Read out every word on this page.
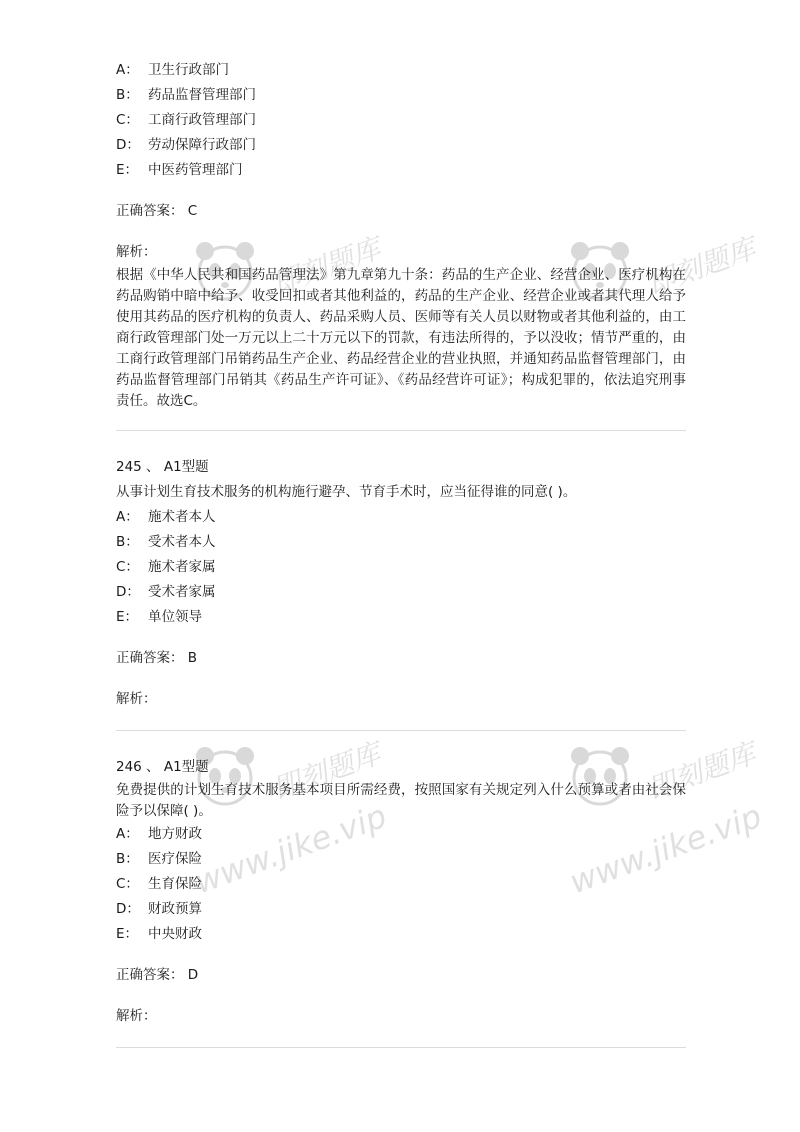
即刻题库	即刻题库
即刻题库
www.jike.vip
即刻题库
www.jike.vip
A： 卫生行政部门
B： 药品监督管理部门
C： 工商行政管理部门
D： 劳动保障行政部门
E： 中医药管理部门
正确答案： C
解析：
根据《中华人民共和国药品管理法》第九章第九十条：药品的生产企业、经营企业、医疗机构在药品购销中暗中给予、收受回扣或者其他利益的，药品的生产企业、经营企业或者其代理人给予使用其药品的医疗机构的负责人、药品采购人员、医师等有关人员以财物或者其他利益的，由工商行政管理部门处一万元以上二十万元以下的罚款，有违法所得的，予以没收；情节严重的，由工商行政管理部门吊销药品生产企业、药品经营企业的营业执照，并通知药品监督管理部门，由药品监督管理部门吊销其《药品生产许可证》、《药品经营许可证》；构成犯罪的，依法追究刑事责任。故选C。
245 、 A1型题
从事计划生育技术服务的机构施行避孕、节育手术时，应当征得谁的同意( )。
A： 施术者本人
B： 受术者本人
C： 施术者家属
D： 受术者家属
E： 单位领导
正确答案： B
解析：
246 、 A1型题
免费提供的计划生育技术服务基本项目所需经费，按照国家有关规定列入什么预算或者由社会保险予以保障( )。
A： 地方财政
B： 医疗保险
C： 生育保险
D： 财政预算
E： 中央财政
正确答案： D
解析：
